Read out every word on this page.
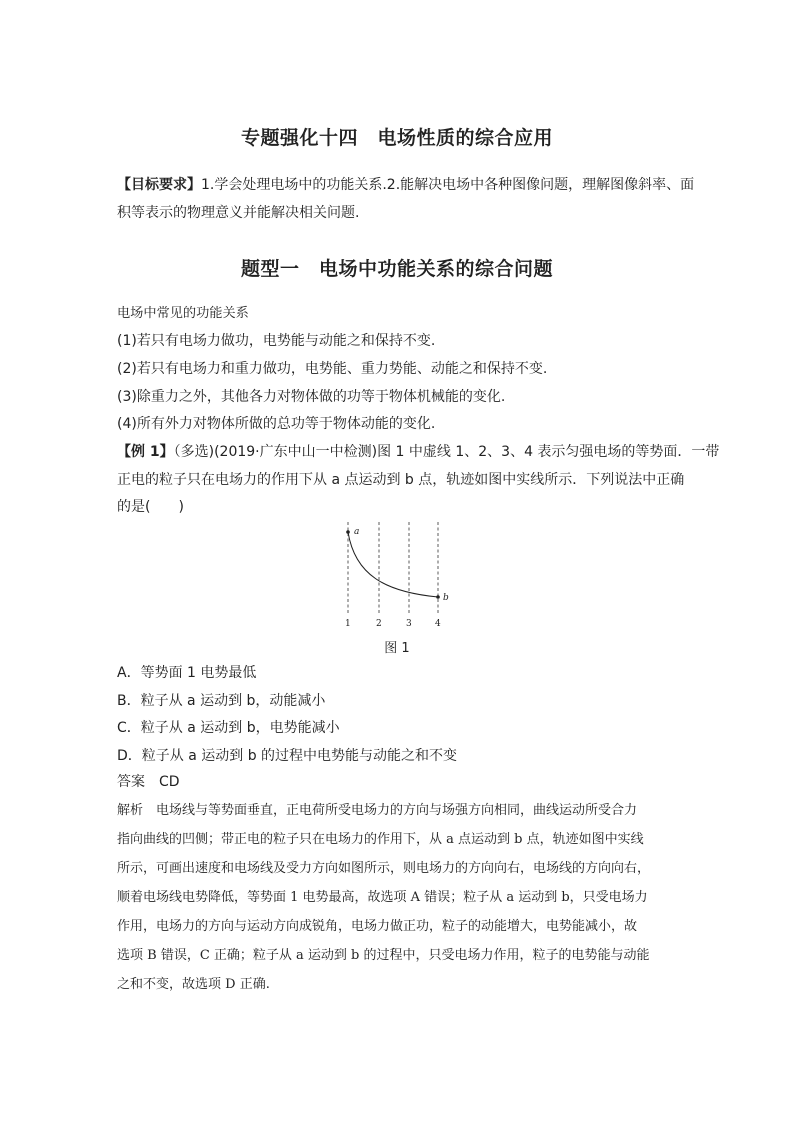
专题强化十四　电场性质的综合应用
【目标要求】1.学会处理电场中的功能关系.2.能解决电场中各种图像问题，理解图像斜率、面
积等表示的物理意义并能解决相关问题.
题型一　电场中功能关系的综合问题
电场中常见的功能关系
(1)若只有电场力做功，电势能与动能之和保持不变.
(2)若只有电场力和重力做功，电势能、重力势能、动能之和保持不变.
(3)除重力之外，其他各力对物体做的功等于物体机械能的变化.
(4)所有外力对物体所做的总功等于物体动能的变化.
【例 1】（多选)(2019·广东中山一中检测)图 1 中虚线 1、2、3、4 表示匀强电场的等势面．一带
正电的粒子只在电场力的作用下从 a 点运动到 b 点，轨迹如图中实线所示．下列说法中正确
的是(　　)
a
b
1	2	3	4
图 1
A．等势面 1 电势最低
B．粒子从 a 运动到 b，动能减小
C．粒子从 a 运动到 b，电势能减小
D．粒子从 a 运动到 b 的过程中电势能与动能之和不变
答案　 CD
解析　 电场线与等势面垂直，正电荷所受电场力的方向与场强方向相同，曲线运动所受合力
指向曲线的凹侧；带正电的粒子只在电场力的作用下，从 a 点运动到 b 点，轨迹如图中实线
所示，可画出速度和电场线及受力方向如图所示，则电场力的方向向右，电场线的方向向右，
顺着电场线电势降低，等势面 1 电势最高，故选项 A 错误；粒子从 a 运动到 b，只受电场力
作用，电场力的方向与运动方向成锐角，电场力做正功，粒子的动能增大，电势能减小，故
选项 B 错误，C 正确；粒子从 a 运动到 b 的过程中，只受电场力作用，粒子的电势能与动能
之和不变，故选项 D 正确.
